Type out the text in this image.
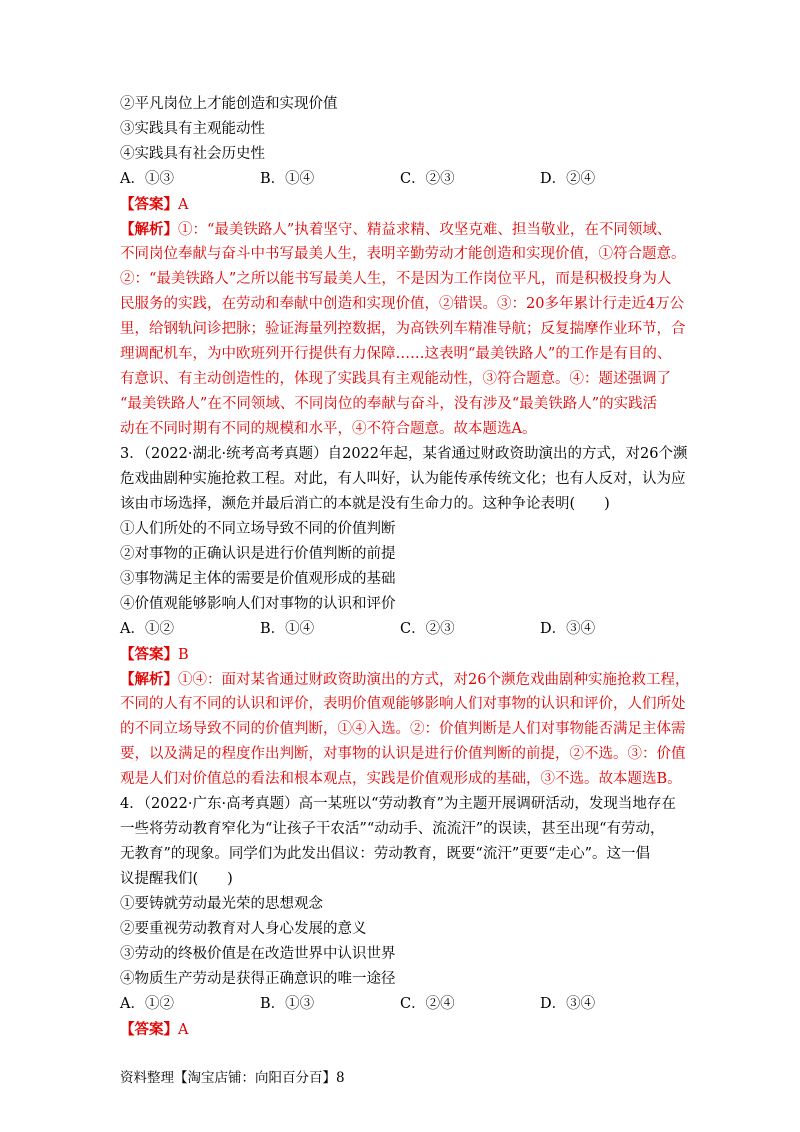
②平凡岗位上才能创造和实现价值
③实践具有主观能动性
④实践具有社会历史性
A．①③	B．①④	C．②③	D．②④
【答案】A
【解析】①：“最美铁路人”执着坚守、精益求精、攻坚克难、担当敬业，在不同领域、
不同岗位奉献与奋斗中书写最美人生，表明辛勤劳动才能创造和实现价值，①符合题意。
②：“最美铁路人”之所以能书写最美人生，不是因为工作岗位平凡，而是积极投身为人
民服务的实践，在劳动和奉献中创造和实现价值，②错误。③：20多年累计行走近4万公
里，给钢轨问诊把脉；验证海量列控数据，为高铁列车精准导航；反复揣摩作业环节，合
理调配机车，为中欧班列开行提供有力保障……这表明“最美铁路人”的工作是有目的、
有意识、有主动创造性的，体现了实践具有主观能动性，③符合题意。④：题述强调了
“最美铁路人”在不同领域、不同岗位的奉献与奋斗，没有涉及“最美铁路人”的实践活
动在不同时期有不同的规模和水平，④不符合题意。故本题选A。
3．（2022·湖北·统考高考真题）自2022年起，某省通过财政资助演出的方式，对26个濒
危戏曲剧种实施抢救工程。对此，有人叫好，认为能传承传统文化；也有人反对，认为应
该由市场选择，濒危并最后消亡的本就是没有生命力的。这种争论表明(　　)
①人们所处的不同立场导致不同的价值判断
②对事物的正确认识是进行价值判断的前提
③事物满足主体的需要是价值观形成的基础
④价值观能够影响人们对事物的认识和评价
A．①②	B．①④	C．②③	D．③④
【答案】B
【解析】①④：面对某省通过财政资助演出的方式，对26个濒危戏曲剧种实施抢救工程，
不同的人有不同的认识和评价，表明价值观能够影响人们对事物的认识和评价，人们所处
的不同立场导致不同的价值判断，①④入选。②：价值判断是人们对事物能否满足主体需
要，以及满足的程度作出判断，对事物的认识是进行价值判断的前提，②不选。③：价值
观是人们对价值总的看法和根本观点，实践是价值观形成的基础，③不选。故本题选B。
4．（2022·广东·高考真题）高一某班以“劳动教育”为主题开展调研活动，发现当地存在
一些将劳动教育窄化为“让孩子干农活”“动动手、流流汗”的误读，甚至出现“有劳动，
无教育”的现象。同学们为此发出倡议：劳动教育，既要“流汗”更要“走心”。这一倡
议提醒我们(　　)
①要铸就劳动最光荣的思想观念
②要重视劳动教育对人身心发展的意义
③劳动的终极价值是在改造世界中认识世界
④物质生产劳动是获得正确意识的唯一途径
A．①②	B．①③	C．②④	D．③④
【答案】A
资料整理【淘宝店铺：向阳百分百】8
